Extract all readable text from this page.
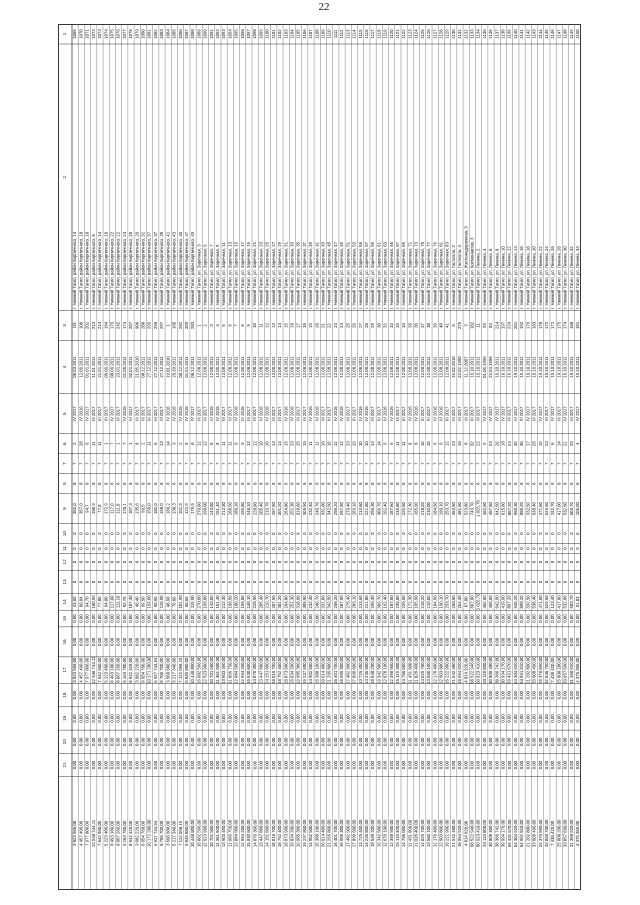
22
1
2
3
4
5
6
7
8
9
10
11
12
13
14
15
16
17
18
19
20
21
1069
г. Нижний Тагил, район Кирпичного, 14
1/3
06.03.2011
IV 2017
2
7
8
0
0
0
0
0,00
0,00
0,00
0,00
0,00
0,00
362,0
43,60
3 823 566,00
3 823 566,00
1070
г. Нижний Тагил, район Кирпичного, 18
106
12.09.2011
IV 2016
28
7
8
0
0
0
0
0,00
0,00
0,00
0,00
0,00
0,00
357,0
60,84
4 457 490,00
4 457 490,00
1071
г. Нижний Тагил, район Кирпичного, 10
201
01.01.2011
IV 2017
6
7
8
0
0
0
0
0,00
0,00
0,00
0,00
0,00
0,00
94,7
94,70
7 977 800,00
7 977 800,00
1072
г. Нижний Тагил, район Кирпичного, 8
213
11.01.2011
III 2017
11
7
8
0
0
0
0
0,00
0,00
0,00
0,00
0,00
0,00
180,9
180,90
12 548 744,11
12 548 744,11
1073
г. Нижний Тагил, район Кирпичного, 14
214
21.01.2011
III 2017
11
7
8
0
0
0
0
0,00
0,00
0,00
0,00
0,00
0,00
77,8
77,80
7 642 960,00
7 642 960,00
1074
г. Нижний Тагил, район Кирпичного, 16
164
06.09.2011
III 2017
1
7
8
0
0
0
0
0,00
0,00
0,00
0,00
0,00
0,00
172,9
94,80
5 223 480,00
5 223 480,00
1075
г. Нижний Тагил, район Кирпичного, 22
179
08.09.2011
IV 2017
7
7
8
0
0
0
0
0,00
0,00
0,00
0,00
0,00
0,00
117,0
117,00
8 493 180,00
8 493 180,00
1076
г. Нижний Тагил, район Кирпичного, 22
242
23.01.2011
III 2017
1
7
8
0
0
0
0
0,00
0,00
0,00
0,00
0,00
0,00
111,0
111,10
8 067 260,00
8 067 260,00
1077
г. Нижний Тагил, район Кирпичного, 24
174
01.05.2011
IV 2016
7
7
8
0
0
0
0
0,00
0,00
0,00
0,00
0,00
0,00
170,1
82,70
6 163 780,00
6 163 780,00
1078
г. Нижний Тагил, район Кирпичного, 25
207
02.01.2011
IV 2017
1
7
8
0
0
0
0
0,00
0,00
0,00
0,00
0,00
0,00
107,3
107,30
8 642 428,00
8 642 428,00
1079
г. Нижний Тагил, район Кирпичного, 29
906
21.05.2010
III 2017
8
7
8
0
0
0
0
0,00
0,00
0,00
0,00
0,00
0,00
135,6
40,40
3 082 220,00
3 082 220,00
1080
г. Нижний Тагил, район Кирпичного, 31
288
08.12.2011
III 2017
2
7
8
0
0
0
0
0,00
0,00
0,00
0,00
0,00
0,00
99,5
99,50
8 654 760,00
8 654 760,00
1081
г. Нижний Тагил, район Кирпичного, 37
295
27.12.2011
III 2017
11
7
8
0
0
0
0
0,00
0,00
0,00
0,00
0,00
0,00
159,0
159,00
10 171 280,00
10 171 280,00
1082
г. Нижний Тагил, район Кирпичного, 37
296
27.12.2011
III 2017
6
7
8
0
0
0
0
0,00
0,00
0,00
0,00
0,00
0,00
182,0
90,90
6 927 744,94
6 927 744,94
1083
г. Нижний Тагил, район Кирпичного, 39
297
27.12.2011
III 2017
13
7
8
0
0
0
0
0,00
0,00
0,00
0,00
0,00
0,00
158,0
110,90
8 706 700,00
8 706 700,00
1084
г. Нижний Тагил, район Кирпичного, 41
1
19.01.2010
IV 2016
14
7
8
0
0
0
0
0,00
0,00
0,00
0,00
0,00
0,00
189,2
48,60
3 568 680,00
3 568 680,00
1085
г. Нижний Тагил, район Кирпичного, 43
166
29.10.2011
IV 2016
3
7
8
0
0
0
0
0,00
0,00
0,00
0,00
0,00
0,00
136,3
70,60
5 217 340,00
5 217 340,00
1086
г. Нижний Тагил, район Кирпичного, 45
282
08.12.2011
IV 2016
2
7
8
0
0
0
0
0,00
0,00
0,00
0,00
0,00
0,00
101,9
101,90
7 122 098,15
7 122 098,15
1087
г. Нижний Тагил, район Кирпичного, 47
209
01.01.2011
IV 2016
9
7
8
0
0
0
0
0,00
0,00
0,00
0,00
0,00
0,00
121,9
60,60
5 845 880,00
5 845 880,00
1088
г. Нижний Тагил, район Кирпичного, 49
283
08.12.2011
IV 2017
8
7
8
0
0
0
0
0,00
0,00
0,00
0,00
0,00
0,00
179,9
119,90
10 448 800,00
10 448 800,00
1089
г. Нижний Тагил, ул. Заречная, 3
1
12.08.2011
III 2017
12
7
8
0
0
0
0
0,00
0,00
0,00
0,00
0,00
0,00
270,60
270,60
16 082 596,00
16 082 596,00
1090
г. Нижний Тагил, ул. Заречная, 5
2
12.08.2011
III 2017
12
7
8
0
0
0
0
0,00
0,00
0,00
0,00
0,00
0,00
198,00
198,00
12 523 900,00
12 523 900,00
1091
г. Нижний Тагил, ул. Заречная, 7
3
12.08.2011
IV 2016
8
7
8
0
0
0
0
0,00
0,00
0,00
0,00
0,00
0,00
143,00
143,00
10 701 500,00
10 701 500,00
1092
г. Нижний Тагил, ул. Заречная, 9
4
12.08.2011
IV 2016
8
7
8
0
0
0
0
0,00
0,00
0,00
0,00
0,00
0,00
151,40
151,40
11 361 900,00
11 361 900,00
1093
г. Нижний Тагил, ул. Заречная, 11
5
12.08.2011
III 2017
11
7
8
0
0
0
0
0,00
0,00
0,00
0,00
0,00
0,00
212,30
212,30
13 903 450,00
13 903 450,00
1094
г. Нижний Тагил, ул. Заречная, 13
6
12.08.2011
III 2017
11
7
8
0
0
0
0
0,00
0,00
0,00
0,00
0,00
0,00
168,50
168,50
11 096 750,00
11 096 750,00
1095
г. Нижний Тагил, ул. Заречная, 15
7
12.08.2011
IV 2016
9
7
8
0
0
0
0
0,00
0,00
0,00
0,00
0,00
0,00
180,20
180,20
12 084 500,00
12 084 500,00
1096
г. Нижний Тагил, ул. Заречная, 17
8
12.08.2011
IV 2016
9
7
8
0
0
0
0
0,00
0,00
0,00
0,00
0,00
0,00
196,80
196,80
12 964 200,00
12 964 200,00
1097
г. Нижний Тагил, ул. Заречная, 19
9
12.08.2011
III 2017
12
7
8
0
0
0
0
0,00
0,00
0,00
0,00
0,00
0,00
248,10
248,10
15 830 600,00
15 830 600,00
1098
г. Нижний Тагил, ул. Заречная, 21
10
12.08.2011
III 2017
12
7
8
0
0
0
0
0,00
0,00
0,00
0,00
0,00
0,00
228,90
228,90
14 870 300,00
14 870 300,00
1099
г. Нижний Тагил, ул. Заречная, 23
11
12.08.2011
IV 2016
10
7
8
0
0
0
0
0,00
0,00
0,00
0,00
0,00
0,00
205,40
205,40
13 447 800,00
13 447 800,00
1100
г. Нижний Тагил, ул. Заречная, 25
12
12.08.2011
IV 2016
10
7
8
0
0
0
0
0,00
0,00
0,00
0,00
0,00
0,00
219,70
219,70
14 151 600,00
14 151 600,00
1101
г. Нижний Тагил, ул. Заречная, 27
13
12.08.2011
III 2017
14
7
8
0
0
0
0
0,00
0,00
0,00
0,00
0,00
0,00
287,50
287,50
18 016 700,00
18 016 700,00
1102
г. Нижний Тагил, ул. Заречная, 29
14
12.08.2011
III 2017
14
7
8
0
0
0
0
0,00
0,00
0,00
0,00
0,00
0,00
301,20
301,20
18 752 400,00
18 752 400,00
1103
г. Нижний Тагил, ул. Заречная, 31
15
12.08.2011
IV 2016
13
7
8
0
0
0
0
0,00
0,00
0,00
0,00
0,00
0,00
264,80
264,80
16 873 900,00
16 873 900,00
1104
г. Нижний Тагил, ул. Заречная, 33
16
12.08.2011
IV 2016
13
7
8
0
0
0
0
0,00
0,00
0,00
0,00
0,00
0,00
251,30
251,30
16 034 200,00
16 034 200,00
1105
г. Нижний Тагил, ул. Заречная, 35
17
12.08.2011
III 2017
15
7
8
0
0
0
0
0,00
0,00
0,00
0,00
0,00
0,00
318,60
318,60
19 985 300,00
19 985 300,00
1106
г. Нижний Тагил, ул. Заречная, 37
18
12.08.2011
III 2017
15
7
8
0
0
0
0
0,00
0,00
0,00
0,00
0,00
0,00
305,90
305,90
19 237 800,00
19 237 800,00
1107
г. Нижний Тагил, ул. Заречная, 39
19
12.08.2011
IV 2016
11
7
8
0
0
0
0
0,00
0,00
0,00
0,00
0,00
0,00
232,40
232,40
14 902 500,00
14 902 500,00
1108
г. Нижний Тагил, ул. Заречная, 41
20
12.08.2011
IV 2016
11
7
8
0
0
0
0
0,00
0,00
0,00
0,00
0,00
0,00
240,70
240,70
15 388 100,00
15 388 100,00
1109
г. Нижний Тагил, ул. Заречная, 43
21
12.08.2011
III 2017
16
7
8
0
0
0
0
0,00
0,00
0,00
0,00
0,00
0,00
331,00
331,00
20 614 400,00
20 614 400,00
1110
г. Нижний Тагил, ул. Заречная, 45
22
12.08.2011
III 2017
16
7
8
0
0
0
0
0,00
0,00
0,00
0,00
0,00
0,00
342,50
342,50
21 295 800,00
21 295 800,00
1111
г. Нижний Тагил, ул. Заречная, 47
23
12.08.2011
IV 2016
12
7
8
0
0
0
0
0,00
0,00
0,00
0,00
0,00
0,00
258,20
258,20
16 401 700,00
16 401 700,00
1112
г. Нижний Тагил, ул. Заречная, 49
24
12.08.2011
IV 2016
12
7
8
0
0
0
0
0,00
0,00
0,00
0,00
0,00
0,00
267,90
267,90
16 955 300,00
16 955 300,00
1113
г. Нижний Тагил, ул. Заречная, 51
25
12.08.2011
III 2017
13
7
8
0
0
0
0
0,00
0,00
0,00
0,00
0,00
0,00
276,40
276,40
17 482 900,00
17 482 900,00
1114
г. Нижний Тагил, ул. Заречная, 53
26
12.08.2011
III 2017
13
7
8
0
0
0
0
0,00
0,00
0,00
0,00
0,00
0,00
283,10
283,10
17 890 600,00
17 890 600,00
1115
г. Нижний Тагил, ул. Заречная, 55
27
12.08.2011
IV 2016
10
7
8
0
0
0
0
0,00
0,00
0,00
0,00
0,00
0,00
213,60
213,60
13 725 400,00
13 725 400,00
1116
г. Нижний Тагил, ул. Заречная, 57
28
12.08.2011
IV 2016
10
7
8
0
0
0
0
0,00
0,00
0,00
0,00
0,00
0,00
221,80
221,80
14 236 800,00
14 236 800,00
1117
г. Нижний Тагил, ул. Заречная, 59
29
12.08.2011
III 2017
14
7
8
0
0
0
0
0,00
0,00
0,00
0,00
0,00
0,00
296,30
296,30
18 548 200,00
18 548 200,00
1118
г. Нижний Тагил, ул. Заречная, 61
30
12.08.2011
III 2017
14
7
8
0
0
0
0
0,00
0,00
0,00
0,00
0,00
0,00
309,70
309,70
19 342 500,00
19 342 500,00
1119
г. Нижний Тагил, ул. Заречная, 63
31
12.08.2011
IV 2016
9
7
8
0
0
0
0
0,00
0,00
0,00
0,00
0,00
0,00
192,40
192,40
12 670 100,00
12 670 100,00
1120
г. Нижний Тагил, ул. Заречная, 65
32
12.08.2011
IV 2016
9
7
8
0
0
0
0
0,00
0,00
0,00
0,00
0,00
0,00
187,60
187,60
12 358 900,00
12 358 900,00
1121
г. Нижний Тагил, ул. Заречная, 67
33
12.08.2011
III 2017
11
7
8
0
0
0
0
0,00
0,00
0,00
0,00
0,00
0,00
235,80
235,80
15 119 300,00
15 119 300,00
1122
г. Нижний Тагил, ул. Заречная, 69
34
12.08.2011
III 2017
11
7
8
0
0
0
0
0,00
0,00
0,00
0,00
0,00
0,00
229,50
229,50
14 766 000,00
14 766 000,00
1123
г. Нижний Тагил, ул. Заречная, 71
35
12.08.2011
IV 2016
8
7
8
0
0
0
0
0,00
0,00
0,00
0,00
0,00
0,00
172,30
172,30
11 431 600,00
11 431 600,00
1124
г. Нижний Тагил, ул. Заречная, 73
36
12.08.2011
IV 2016
8
7
8
0
0
0
0
0,00
0,00
0,00
0,00
0,00
0,00
165,90
165,90
11 028 400,00
11 028 400,00
1125
г. Нижний Тагил, ул. Заречная, 75
37
12.08.2011
III 2017
10
7
8
0
0
0
0
0,00
0,00
0,00
0,00
0,00
0,00
218,20
218,20
14 025 700,00
14 025 700,00
1126
г. Нижний Тагил, ул. Заречная, 77
38
12.08.2011
III 2017
10
7
8
0
0
0
0
0,00
0,00
0,00
0,00
0,00
0,00
210,00
210,00
13 560 100,00
13 560 100,00
1127
г. Нижний Тагил, ул. Заречная, 79
39
12.08.2011
IV 2016
9
7
8
0
0
0
0
0,00
0,00
0,00
0,00
0,00
0,00
184,50
184,50
12 176 400,00
12 176 400,00
1128
г. Нижний Тагил, ул. Заречная, 81
40
12.08.2011
IV 2016
9
7
8
0
0
0
0
0,00
0,00
0,00
0,00
0,00
0,00
190,10
190,10
12 503 800,00
12 503 800,00
1129
г. Нижний Тагил, ул. Заречная, 83
41
12.08.2011
III 2017
12
7
8
0
0
0
0
0,00
0,00
0,00
0,00
0,00
0,00
253,70
253,70
16 222 900,00
16 222 900,00
1130
г. Нижний Тагил, ул. Гастелло, 2
8
19.02.2010
III 2017
23
7
8
0
0
0
0
0,00
0,00
0,00
0,00
0,00
0,00
463,50
250,60
21 942 480,00
21 942 480,00
1131
г. Нижний Тагил, ул. Гастелло, 4
275
23.02.1990
III 2017
16
7
8
0
0
0
0
0,00
0,00
0,00
0,00
0,00
0,00
481,50
254,30
18 954 920,00
18 954 920,00
1132
г. Нижний Тагил, ул. Железнодорожная, 3
3
11.12.2007
III 2017
8
7
8
0
0
0
0
0,00
0,00
0,00
0,00
0,00
0,00
523,80
67,80
4 814 920,00
4 814 920,00
1133
г. Нижний Тагил, ул. Космонавтов, 3
182
19.10.2011
III 2017
32
7
8
0
0
0
0
0,00
0,00
0,00
0,00
0,00
0,00
743,70
807,80
68 522 948,00
68 522 948,00
1134
г. Нижний Тагил, ул. Ленина, 2
11
19.10.2011
III 2017
22
7
8
0
0
0
0
0,00
0,00
0,00
0,00
0,00
0,00
1 025,70
1 025,70
60 923 410,00
60 923 410,00
1135
г. Нижний Тагил, ул. Ленина, 4
93
01.06.1996
IV 2017
9
7
8
0
0
0
0
0,00
0,00
0,00
0,00
0,00
0,00
462,60
462,60
33 118 800,00
33 118 800,00
1136
г. Нижний Тагил, ул. Ленина, 6
84
23.04.1996
IV 2017
23
7
8
0
0
0
0
0,00
0,00
0,00
0,00
0,00
0,00
467,60
450,60
30 808 400,00
30 808 400,00
1137
г. Нижний Тагил, ул. Ленина, 8
214
19.10.2011
IV 2017
26
7
8
0
0
0
0
0,00
0,00
0,00
0,00
0,00
0,00
642,50
642,50
38 366 742,00
38 366 742,00
1138
г. Нижний Тагил, ул. Ленина, 10
197
19.10.2011
IV 2017
18
7
8
0
0
0
0
0,00
0,00
0,00
0,00
0,00
0,00
615,80
419,90
30 994 170,00
30 994 170,00
1139
г. Нижний Тагил, ул. Ленина, 12
224
19.10.2011
III 2017
24
7
8
0
0
0
0
0,00
0,00
0,00
0,00
0,00
0,00
867,20
867,20
59 431 670,00
59 431 670,00
1140
г. Нижний Тагил, ул. Ленина, 14
201
19.10.2011
IV 2017
39
7
8
0
0
0
0
0,00
0,00
0,00
0,00
0,00
0,00
960,30
945,20
64 304 920,00
64 304 920,00
1141
г. Нижний Тагил, ул. Ленина, 16
192
19.10.2011
III 2017
36
7
8
0
0
0
0
0,00
0,00
0,00
0,00
0,00
0,00
898,20
898,20
54 961 810,00
54 961 810,00
1142
г. Нижний Тагил, ул. Ленина, 18
179
19.10.2011
IV 2017
17
7
8
0
0
0
0
0,00
0,00
0,00
0,00
0,00
0,00
332,50
332,50
21 282 800,00
21 282 800,00
1143
г. Нижний Тагил, ул. Ленина, 20
183
19.10.2011
III 2017
26
7
8
0
0
0
0
0,00
0,00
0,00
0,00
0,00
0,00
538,40
538,40
33 608 490,00
33 608 490,00
1144
г. Нижний Тагил, ул. Ленина, 22
178
19.10.2011
IV 2017
19
7
8
0
0
0
0
0,00
0,00
0,00
0,00
0,00
0,00
471,60
471,60
29 376 890,00
29 376 890,00
1145
г. Нижний Тагил, ул. Ленина, 24
172
19.10.2011
III 2017
23
7
8
0
0
0
0
0,00
0,00
0,00
0,00
0,00
0,00
529,60
529,60
32 846 700,00
32 846 700,00
1146
г. Нижний Тагил, ул. Ленина, 26
171
19.10.2011
IV 2017
6
7
8
0
0
0
0
0,00
0,00
0,00
0,00
0,00
0,00
192,70
123,40
7 438 420,00
7 438 420,00
1147
г. Нижний Тагил, ул. Ленина, 28
175
19.10.2011
III 2017
14
7
8
0
0
0
0
0,00
0,00
0,00
0,00
0,00
0,00
417,00
417,00
25 808 200,00
25 808 200,00
1148
г. Нижний Тагил, ул. Ленина, 30
174
19.10.2011
IV 2017
21
7
8
0
0
0
0
0,00
0,00
0,00
0,00
0,00
0,00
532,60
532,60
33 057 690,00
33 057 690,00
1149
г. Нижний Тагил, ул. Ленина, 32
188
19.10.2011
III 2017
29
7
8
0
0
0
0
0,00
0,00
0,00
0,00
0,00
0,00
503,70
503,70
31 358 920,00
31 358 920,00
1150
г. Нижний Тагил, ул. Ленина, 34
181
19.10.2011
IV 2017
4
7
8
0
0
0
0
0,00
0,00
0,00
0,00
0,00
0,00
105,00
51,83
4 376 365,00
4 376 365,00
